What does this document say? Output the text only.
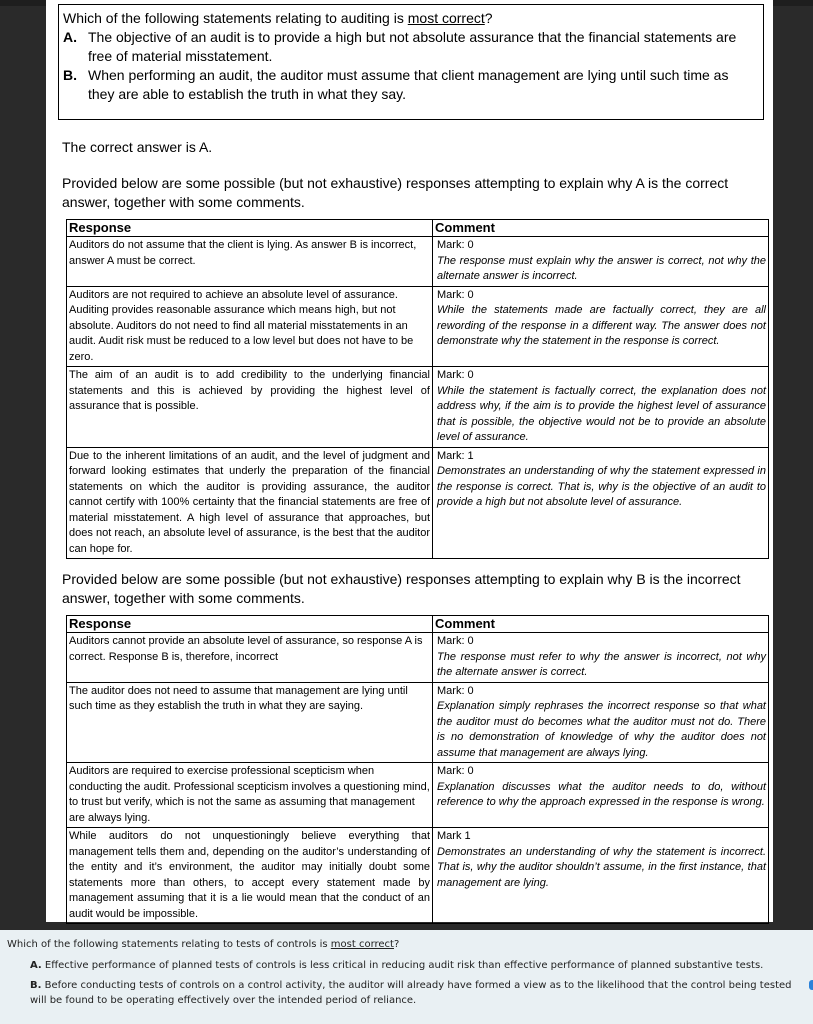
Which of the following statements relating to auditing is most correct?
A. The objective of an audit is to provide a high but not absolute assurance that the financial statements are free of material misstatement.
B. When performing an audit, the auditor must assume that client management are lying until such time as they are able to establish the truth in what they say.
The correct answer is A.
Provided below are some possible (but not exhaustive) responses attempting to explain why A is the correct answer, together with some comments.
Response	Comment
Auditors do not assume that the client is lying. As answer B is incorrect, answer A must be correct.	Mark: 0
The response must explain why the answer is correct, not why the alternate answer is incorrect.

Auditors are not required to achieve an absolute level of assurance. Auditing provides reasonable assurance which means high, but not absolute. Auditors do not need to find all material misstatements in an audit. Audit risk must be reduced to a low level but does not have to be zero.	Mark: 0
While the statements made are factually correct, they are all rewording of the response in a different way. The answer does not demonstrate why the statement in the response is correct.

The aim of an audit is to add credibility to the underlying financial statements and this is achieved by providing the highest level of assurance that is possible.	Mark: 0
While the statement is factually correct, the explanation does not address why, if the aim is to provide the highest level of assurance that is possible, the objective would not be to provide an absolute level of assurance.

Due to the inherent limitations of an audit, and the level of judgment and forward looking estimates that underly the preparation of the financial statements on which the auditor is providing assurance, the auditor cannot certify with 100% certainty that the financial statements are free of material misstatement. A high level of assurance that approaches, but does not reach, an absolute level of assurance, is the best that the auditor can hope for.	Mark: 1
Demonstrates an understanding of why the statement expressed in the response is correct. That is, why is the objective of an audit to provide a high but not absolute level of assurance.
Provided below are some possible (but not exhaustive) responses attempting to explain why B is the incorrect answer, together with some comments.
Response	Comment
Auditors cannot provide an absolute level of assurance, so response A is correct. Response B is, therefore, incorrect	Mark: 0
The response must refer to why the answer is incorrect, not why the alternate answer is correct.

The auditor does not need to assume that management are lying until such time as they establish the truth in what they are saying.	Mark: 0
Explanation simply rephrases the incorrect response so that what the auditor must do becomes what the auditor must not do. There is no demonstration of knowledge of why the auditor does not assume that management are always lying.

Auditors are required to exercise professional scepticism when conducting the audit. Professional scepticism involves a questioning mind, to trust but verify, which is not the same as assuming that management are always lying.	Mark: 0
Explanation discusses what the auditor needs to do, without reference to why the approach expressed in the response is wrong.

While auditors do not unquestioningly believe everything that management tells them and, depending on the auditor’s understanding of the entity and it’s environment, the auditor may initially doubt some statements more than others, to accept every statement made by management assuming that it is a lie would mean that the conduct of an audit would be impossible.	Mark 1
Demonstrates an understanding of why the statement is incorrect. That is, why the auditor shouldn’t assume, in the first instance, that management are lying.
Which of the following statements relating to tests of controls is most correct?
A. Effective performance of planned tests of controls is less critical in reducing audit risk than effective performance of planned substantive tests.
B. Before conducting tests of controls on a control activity, the auditor will already have formed a view as to the likelihood that the control being tested will be found to be operating effectively over the intended period of reliance.
